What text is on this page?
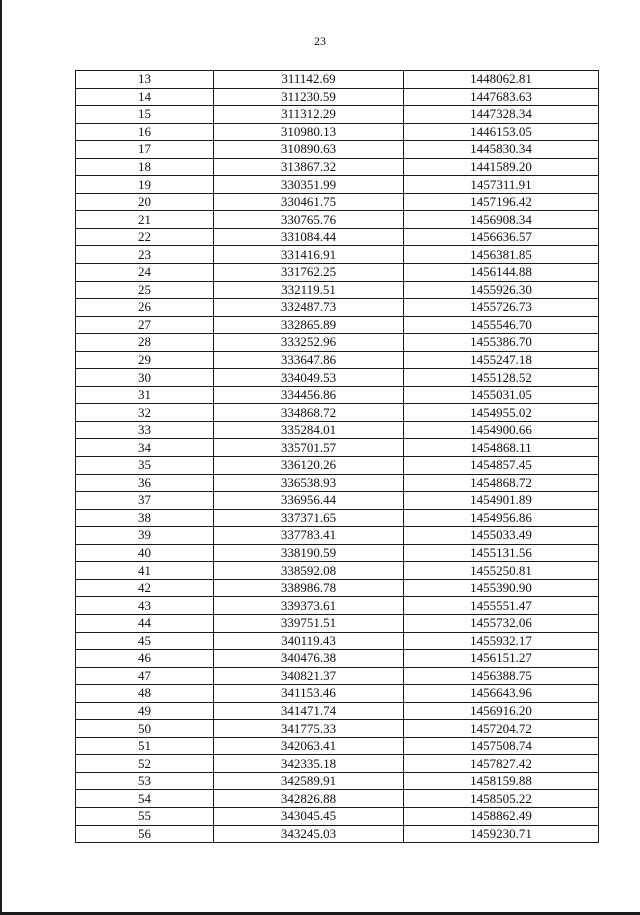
23
13	311142.69	1448062.81
14	311230.59	1447683.63
15	311312.29	1447328.34
16	310980.13	1446153.05
17	310890.63	1445830.34
18	313867.32	1441589.20
19	330351.99	1457311.91
20	330461.75	1457196.42
21	330765.76	1456908.34
22	331084.44	1456636.57
23	331416.91	1456381.85
24	331762.25	1456144.88
25	332119.51	1455926.30
26	332487.73	1455726.73
27	332865.89	1455546.70
28	333252.96	1455386.70
29	333647.86	1455247.18
30	334049.53	1455128.52
31	334456.86	1455031.05
32	334868.72	1454955.02
33	335284.01	1454900.66
34	335701.57	1454868.11
35	336120.26	1454857.45
36	336538.93	1454868.72
37	336956.44	1454901.89
38	337371.65	1454956.86
39	337783.41	1455033.49
40	338190.59	1455131.56
41	338592.08	1455250.81
42	338986.78	1455390.90
43	339373.61	1455551.47
44	339751.51	1455732.06
45	340119.43	1455932.17
46	340476.38	1456151.27
47	340821.37	1456388.75
48	341153.46	1456643.96
49	341471.74	1456916.20
50	341775.33	1457204.72
51	342063.41	1457508.74
52	342335.18	1457827.42
53	342589.91	1458159.88
54	342826.88	1458505.22
55	343045.45	1458862.49
56	343245.03	1459230.71
